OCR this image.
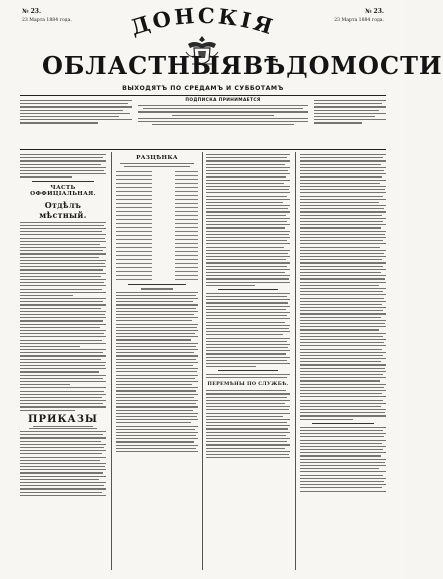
№ 23.	№ 23.
23 Марта 1884 года.	23 Марта 1884 года.
ДОНСКІЯ
ОБЛАСТНЫЯ ВѢДОМОСТИ
ВЫХОДЯТЪ ПО СРЕДАМЪ И СУББОТАМЪ
ПОДПИСКА ПРИНИМАЕТСЯ
ЧАСТЬ ОФФИЦІАЛЬНАЯ.
Отдѣлъ мѣстный.
ПРИКАЗЫ
РАЗЦѢНКА
ПЕРЕМѢНЫ ПО СЛУЖБѢ.
